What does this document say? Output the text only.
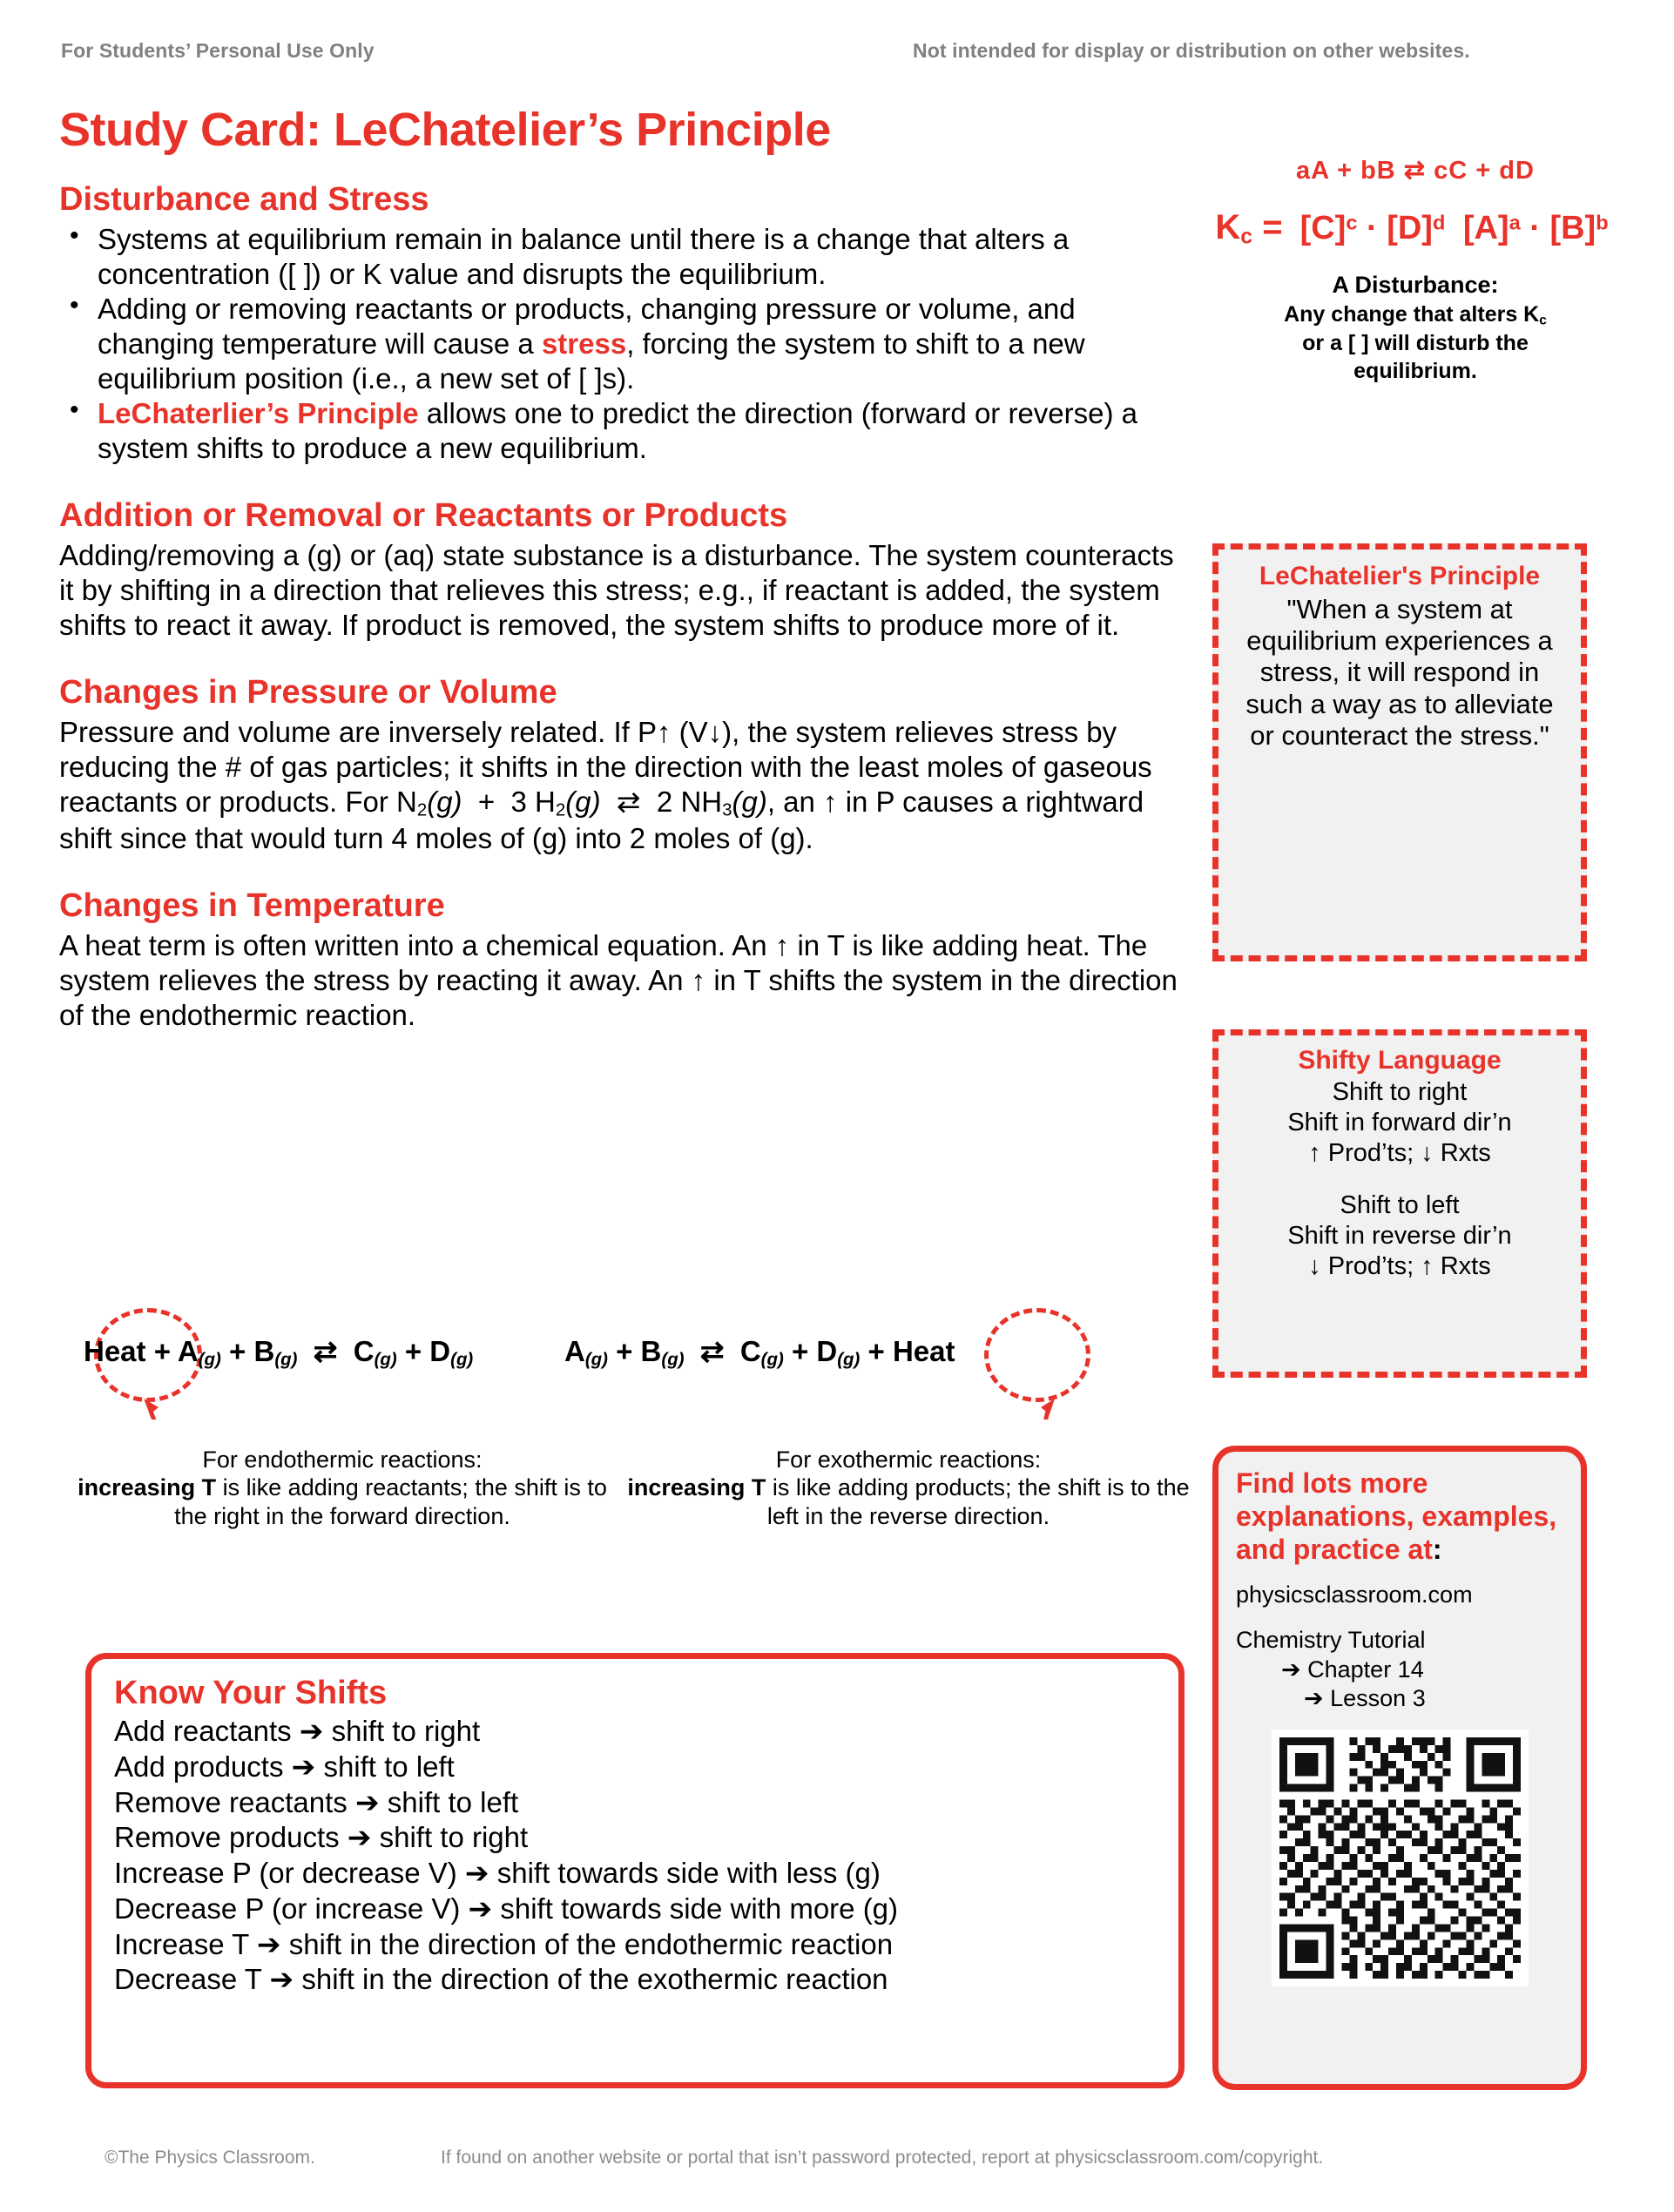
For Students’ Personal Use Only	Not intended for display or distribution on other websites.
Study Card: LeChatelier’s Principle
Disturbance and Stress
• Systems at equilibrium remain in balance until there is a change that alters a concentration ([ ]) or K value and disrupts the equilibrium.
• Adding or removing reactants or products, changing pressure or volume, and changing temperature will cause a stress, forcing the system to shift to a new equilibrium position (i.e., a new set of [ ]s).
• LeChaterlier’s Principle allows one to predict the direction (forward or reverse) a system shifts to produce a new equilibrium.
Addition or Removal or Reactants or Products

Adding/removing a (g) or (aq) state substance is a disturbance. The system counteracts it by shifting in a direction that relieves this stress; e.g., if reactant is added, the system shifts to react it away. If product is removed, the system shifts to produce more of it.

Changes in Pressure or Volume

Pressure and volume are inversely related. If P↑ (V↓), the system relieves stress by reducing the # of gas particles; it shifts in the direction with the least moles of gaseous reactants or products. For $N_2(g) + 3$ $H_2(g)$  ⇄  2 $NH_3(g)$, an ↑ in P causes a rightward shift since that would turn 4 moles of (g) into 2 moles of (g).

Changes in Temperature

A heat term is often written into a chemical equation. An ↑ in T is like adding heat. The system relieves the stress by reacting it away. An ↑ in T shifts the system in the direction of the endothermic reaction.

Heat + $A_{(g)} + B_{(g)}$  ⇄  $C_{(g)} + D_{(g)}$	$A_{(g)} + B_{(g)}$  ⇄  $C_{(g)} + D_{(g)}$ + Heat
For endothermic reactions:
increasing T is like adding reactants; the shift is to the right in the forward direction.
For exothermic reactions:
increasing T is like adding products; the shift is to the left in the reverse direction.
aA + bB ⇄ cC + dD
$K_c = [C]^c \cdot [D]^d$ $[A]^a \cdot [B]^b$
A Disturbance:
Any change that alters $K_c$
or a [ ] will disturb the
equilibrium.
LeChatelier's Principle
"When a system at equilibrium experiences a stress, it will respond in such a way as to alleviate or counteract the stress."
Shifty Language
Shift to right
Shift in forward dir’n
↑ Prod’ts; ↓ Rxts
Shift to left
Shift in reverse dir’n
↓ Prod’ts; ↑ Rxts
Find lots more explanations, examples, and practice at:
physicsclassroom.com
Chemistry Tutorial
➔ Chapter 14
➔ Lesson 3
Know Your Shifts
Add reactants ➔ shift to right
Add products ➔ shift to left
Remove reactants ➔ shift to left
Remove products ➔ shift to right
Increase P (or decrease V) ➔ shift towards side with less (g)
Decrease P (or increase V) ➔ shift towards side with more (g)
Increase T ➔ shift in the direction of the endothermic reaction
Decrease T ➔ shift in the direction of the exothermic reaction
©The Physics Classroom.	If found on another website or portal that isn’t password protected, report at physicsclassroom.com/copyright.
